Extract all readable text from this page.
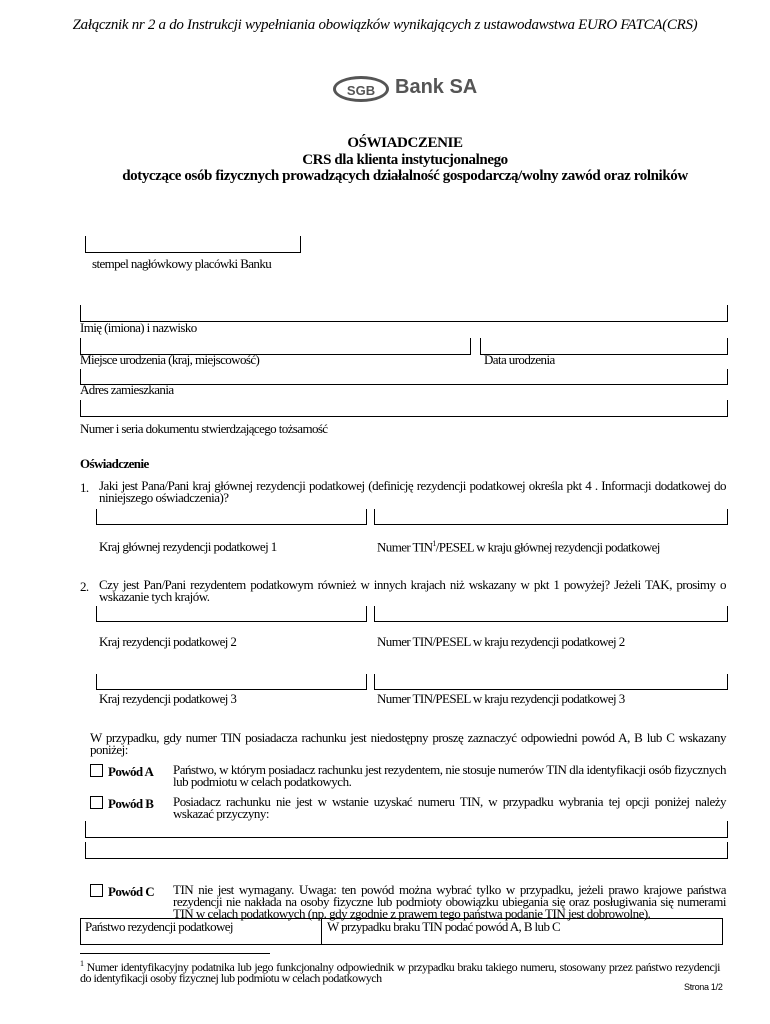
Załącznik nr 2 a do Instrukcji wypełniania obowiązków wynikających z ustawodawstwa EURO FATCA(CRS)
SGB Bank SA
OŚWIADCZENIE
CRS dla klienta instytucjonalnego
dotyczące osób fizycznych prowadzących działalność gospodarczą/wolny zawód oraz rolników
stempel nagłówkowy placówki Banku
Imię (imiona) i nazwisko
Miejsce urodzenia (kraj, miejscowość)	Data urodzenia
Adres zamieszkania
Numer i seria dokumentu stwierdzającego tożsamość
Oświadczenie
1. Jaki jest Pana/Pani kraj głównej rezydencji podatkowej (definicję rezydencji podatkowej określa pkt 4 . Informacji dodatkowej do niniejszego oświadczenia)?
Kraj głównej rezydencji podatkowej 1	Numer TIN$^1$/PESEL w kraju głównej rezydencji podatkowej
2. Czy jest Pan/Pani rezydentem podatkowym również w innych krajach niż wskazany w pkt 1 powyżej? Jeżeli TAK, prosimy o wskazanie tych krajów.
Kraj rezydencji podatkowej 2	Numer TIN/PESEL w kraju rezydencji podatkowej 2
Kraj rezydencji podatkowej 3	Numer TIN/PESEL w kraju rezydencji podatkowej 3
W przypadku, gdy numer TIN posiadacza rachunku jest niedostępny proszę zaznaczyć odpowiedni powód A, B lub C wskazany poniżej:
Powód A Państwo, w którym posiadacz rachunku jest rezydentem, nie stosuje numerów TIN dla identyfikacji osób fizycznych lub podmiotu w celach podatkowych.
Powód B Posiadacz rachunku nie jest w wstanie uzyskać numeru TIN, w przypadku wybrania tej opcji poniżej należy wskazać przyczyny:
Powód C TIN nie jest wymagany. Uwaga: ten powód można wybrać tylko w przypadku, jeżeli prawo krajowe państwa rezydencji nie nakłada na osoby fizyczne lub podmioty obowiązku ubiegania się oraz posługiwania się numerami TIN w celach podatkowych (np. gdy zgodnie z prawem tego państwa podanie TIN jest dobrowolne).
Państwo rezydencji podatkowej	W przypadku braku TIN podać powód A, B lub C
$^1$ Numer identyfikacyjny podatnika lub jego funkcjonalny odpowiednik w przypadku braku takiego numeru, stosowany przez państwo rezydencji do identyfikacji osoby fizycznej lub podmiotu w celach podatkowych
Strona 1/2
